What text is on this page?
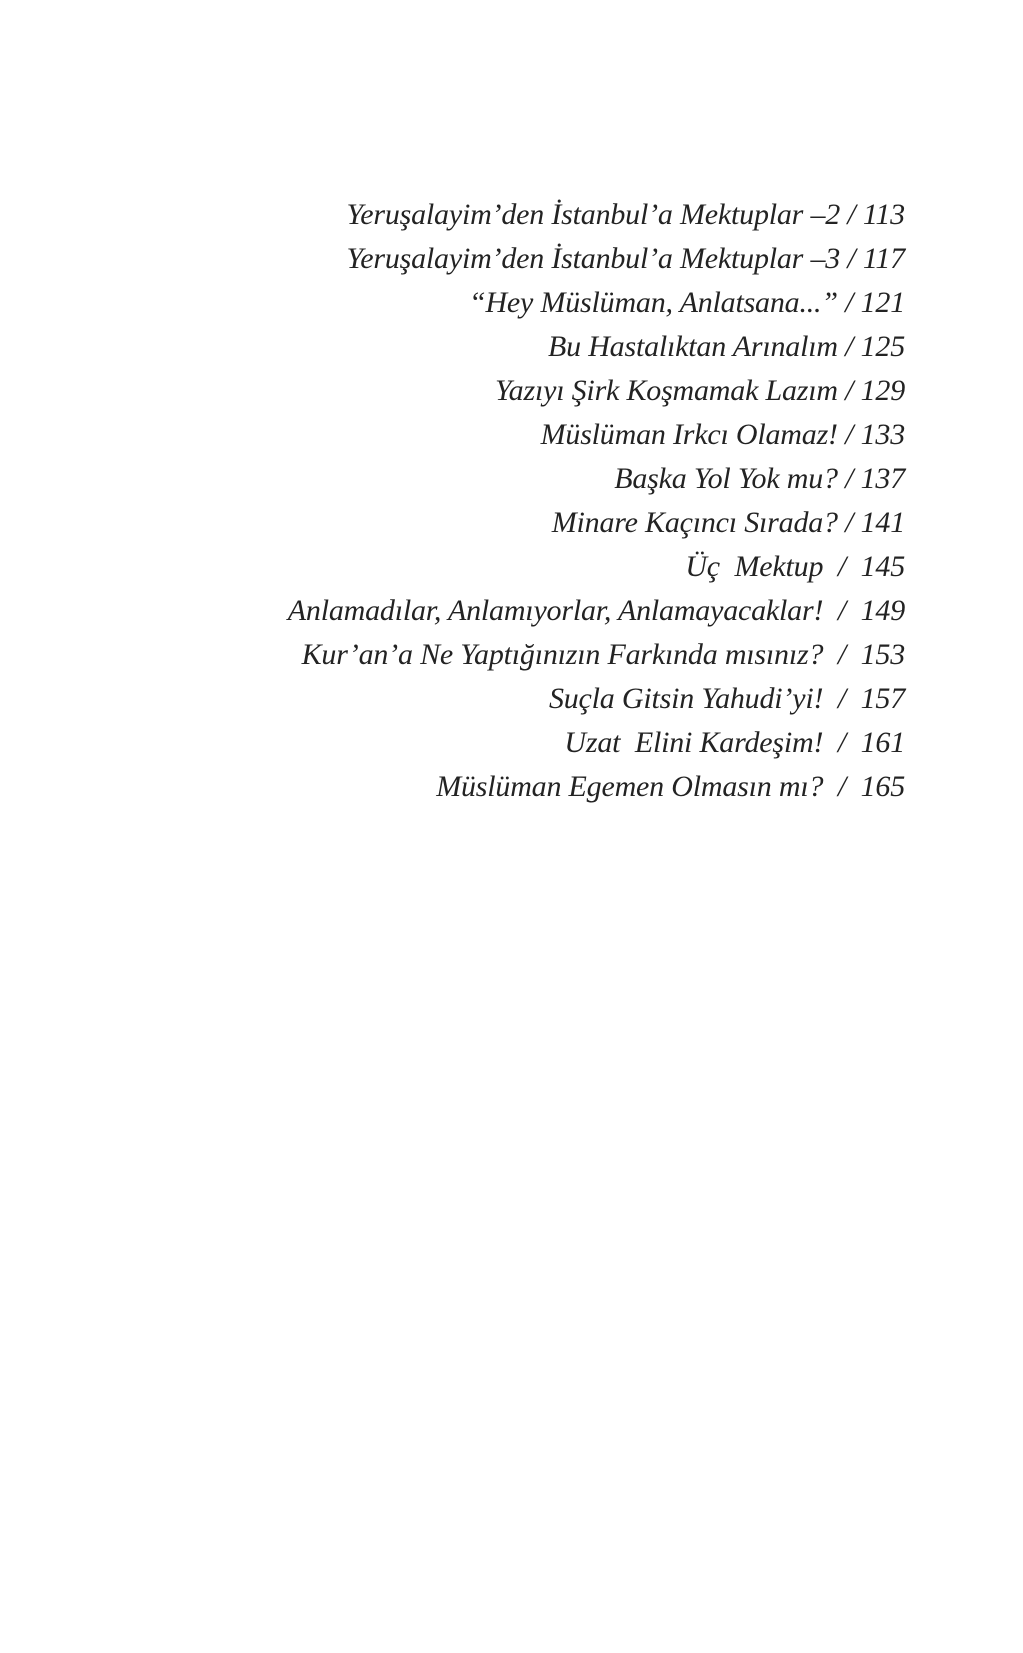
Yeruşalayim’den İstanbul’a Mektuplar –2 / 113
Yeruşalayim’den İstanbul’a Mektuplar –3 / 117
“Hey Müslüman, Anlatsana...” / 121
Bu Hastalıktan Arınalım / 125
Yazıyı Şirk Koşmamak Lazım / 129
Müslüman Irkcı Olamaz! / 133
Başka Yol Yok mu? / 137
Minare Kaçıncı Sırada? / 141
Üç  Mektup  /  145
Anlamadılar, Anlamıyorlar, Anlamayacaklar!  /  149
Kur’an’a Ne Yaptığınızın Farkında mısınız?  /  153
Suçla Gitsin Yahudi’yi!  /  157
Uzat  Elini Kardeşim!  /  161
Müslüman Egemen Olmasın mı?  /  165
